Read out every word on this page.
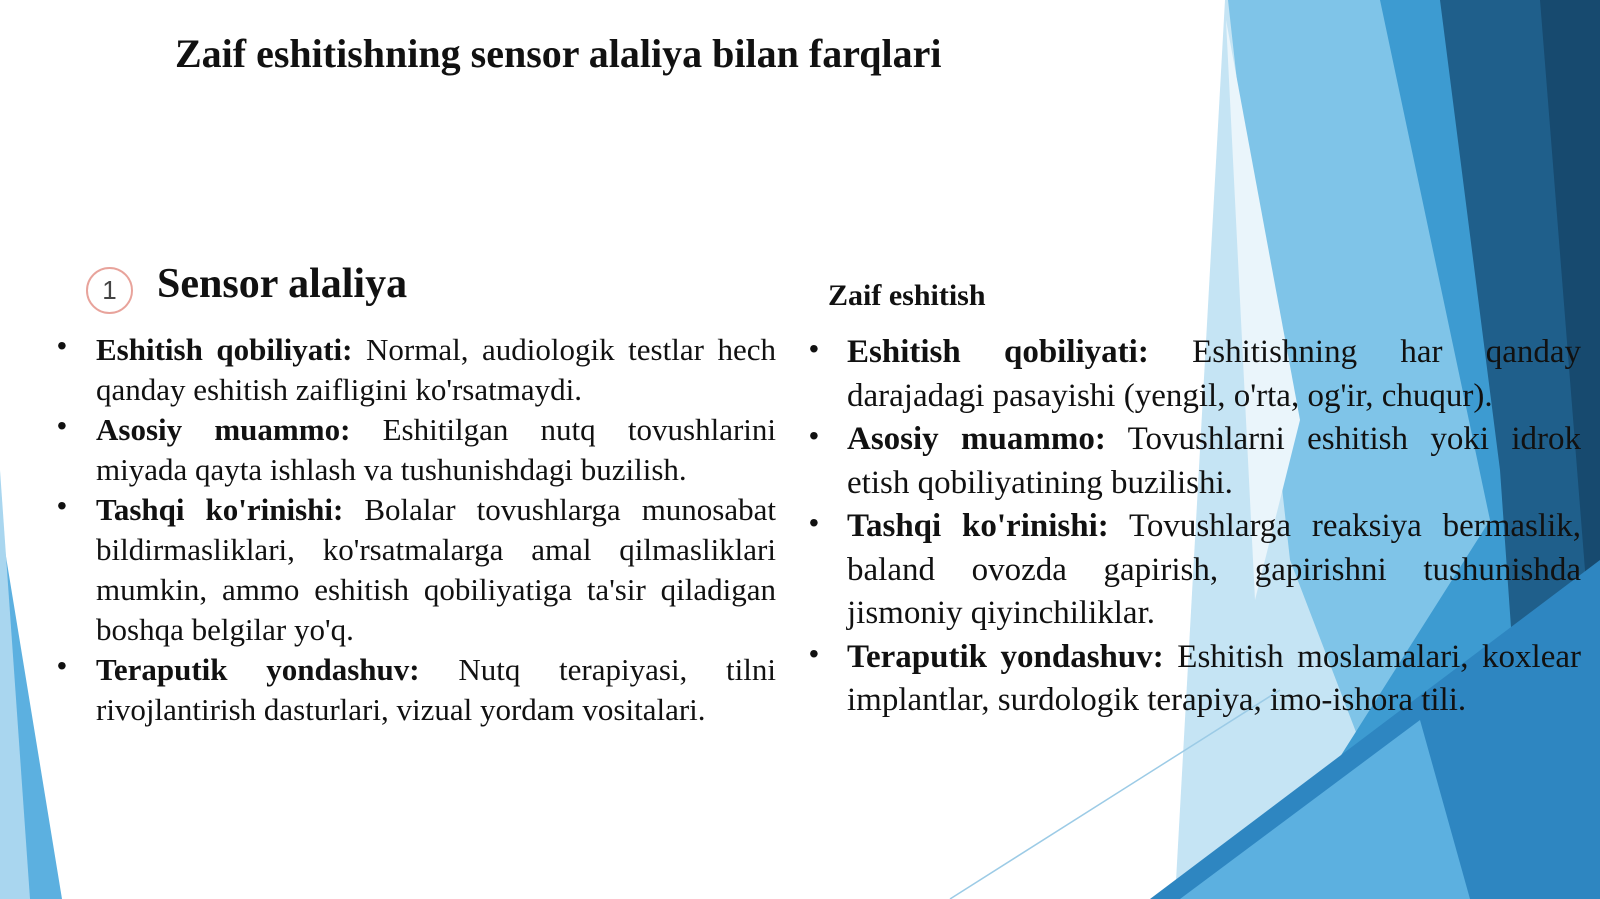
Zaif eshitishning sensor alaliya bilan farqlari
1 Sensor alaliya
• Eshitish qobiliyati: Normal, audiologik testlar hech qanday eshitish zaifligini ko'rsatmaydi.
• Asosiy muammo: Eshitilgan nutq tovushlarini miyada qayta ishlash va tushunishdagi buzilish.
• Tashqi ko'rinishi: Bolalar tovushlarga munosabat bildirmasliklari, ko'rsatmalarga amal qilmasliklari mumkin, ammo eshitish qobiliyatiga ta'sir qiladigan boshqa belgilar yo'q.
• Teraputik yondashuv: Nutq terapiyasi, tilni rivojlantirish dasturlari, vizual yordam vositalari.
Zaif eshitish
• Eshitish qobiliyati: Eshitishning har qanday darajadagi pasayishi (yengil, o'rta, og'ir, chuqur).
• Asosiy muammo: Tovushlarni eshitish yoki idrok etish qobiliyatining buzilishi.
• Tashqi ko'rinishi: Tovushlarga reaksiya bermaslik, baland ovozda gapirish, gapirishni tushunishda jismoniy qiyinchiliklar.
• Teraputik yondashuv: Eshitish moslamalari, koxlear implantlar, surdologik terapiya, imo-ishora tili.
